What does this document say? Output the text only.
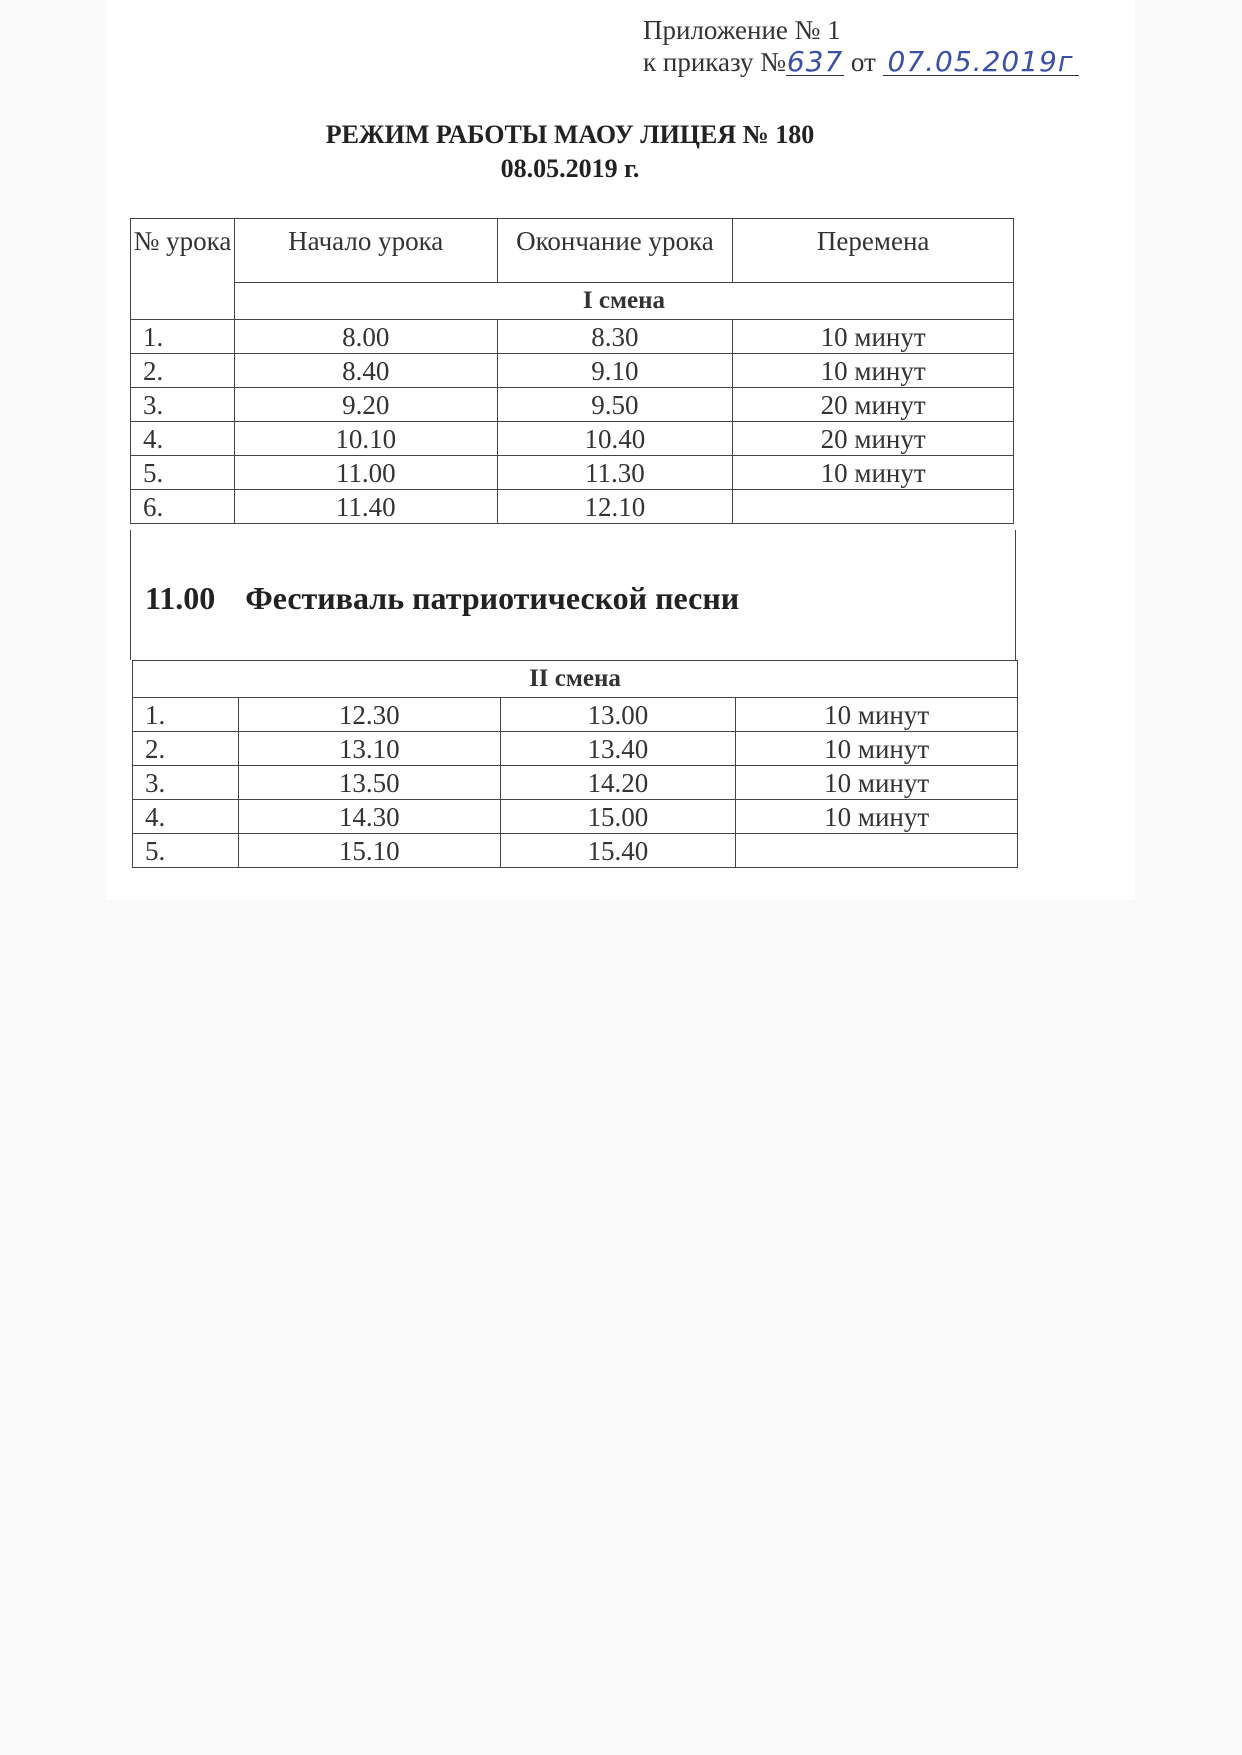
Приложение № 1
к приказу №637 от 07.05.2019г
РЕЖИМ РАБОТЫ МАОУ ЛИЦЕЯ № 180
08.05.2019 г.
№ урока	Начало урока	Окончание урока	Перемена
	I смена		
1.	8.00	8.30	10 минут
2.	8.40	9.10	10 минут
3.	9.20	9.50	20 минут
4.	10.10	10.40	20 минут
5.	11.00	11.30	10 минут
6.	11.40	12.10	
11.00 Фестиваль патриотической песни
II смена			
1.	12.30	13.00	10 минут
2.	13.10	13.40	10 минут
3.	13.50	14.20	10 минут
4.	14.30	15.00	10 минут
5.	15.10	15.40	
